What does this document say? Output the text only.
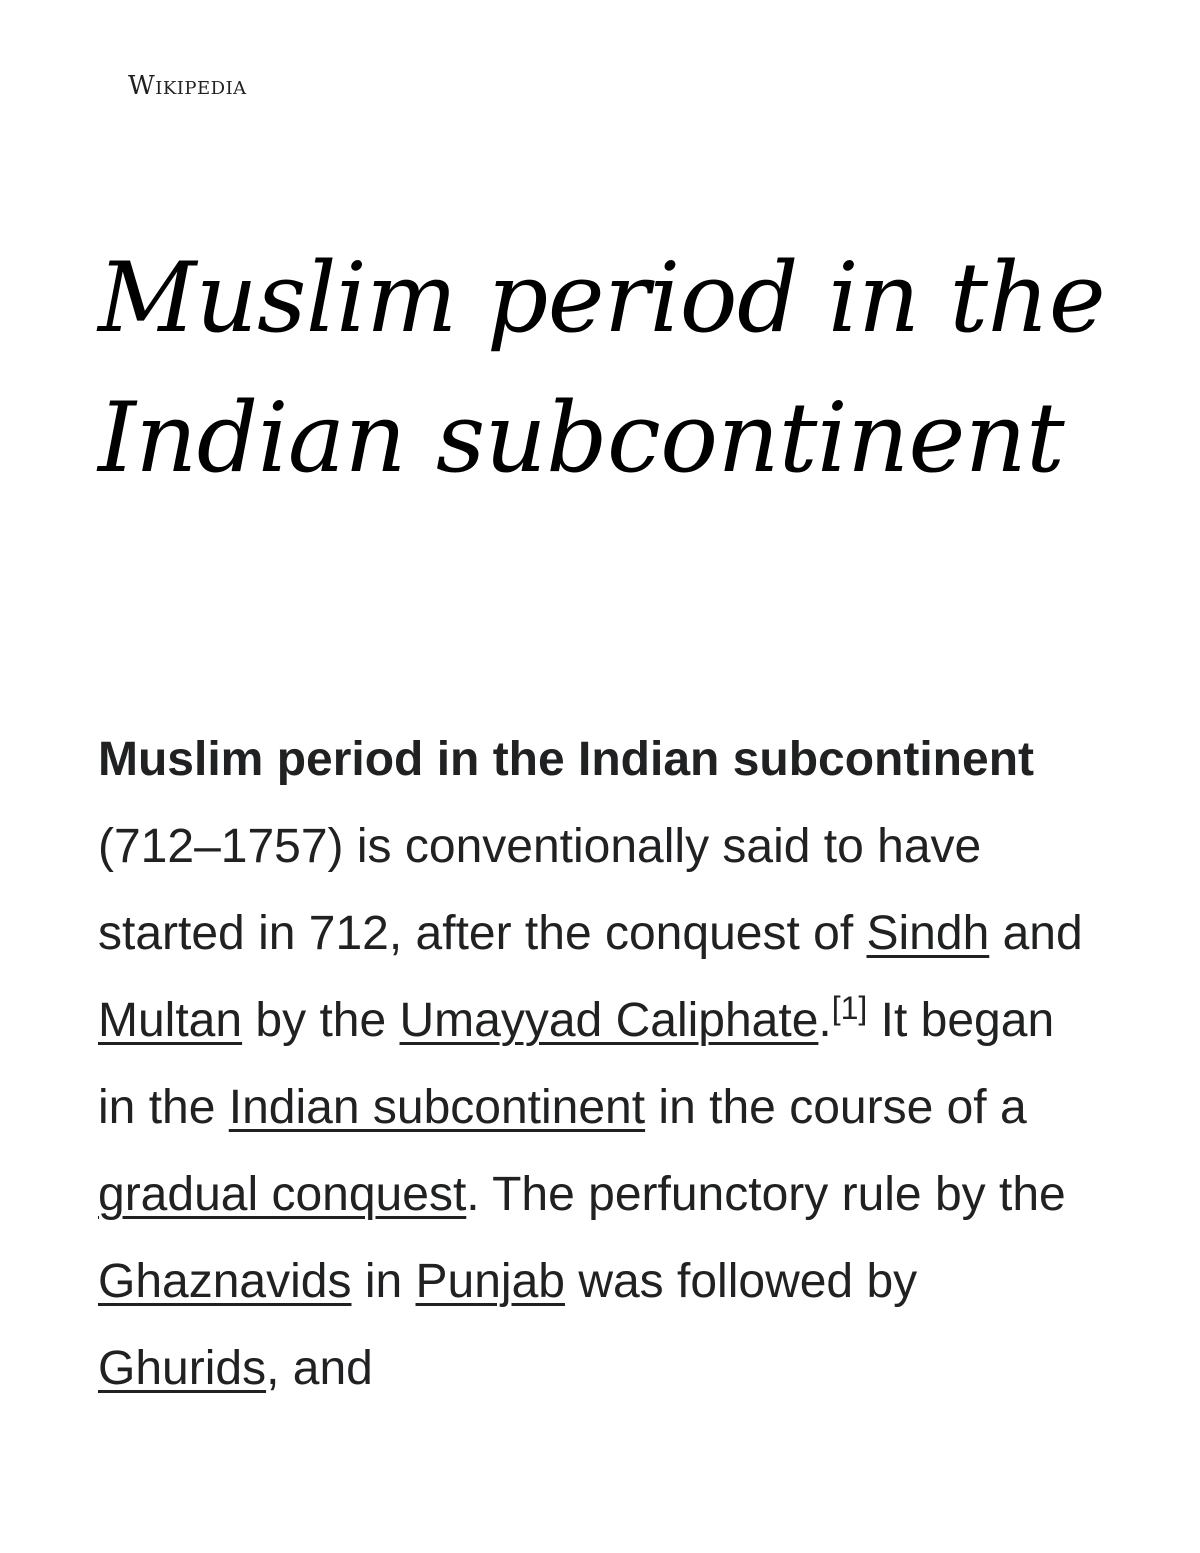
Wikipedia
Muslim period in the Indian subcontinent

Muslim period in the Indian subcontinent (712–1757) is conventionally said to have started in 712, after the conquest of Sindh and Multan by the Umayyad Caliphate.[1] It began in the Indian subcontinent in the course of a gradual conquest. The perfunctory rule by the Ghaznavids in Punjab was followed by Ghurids, and
